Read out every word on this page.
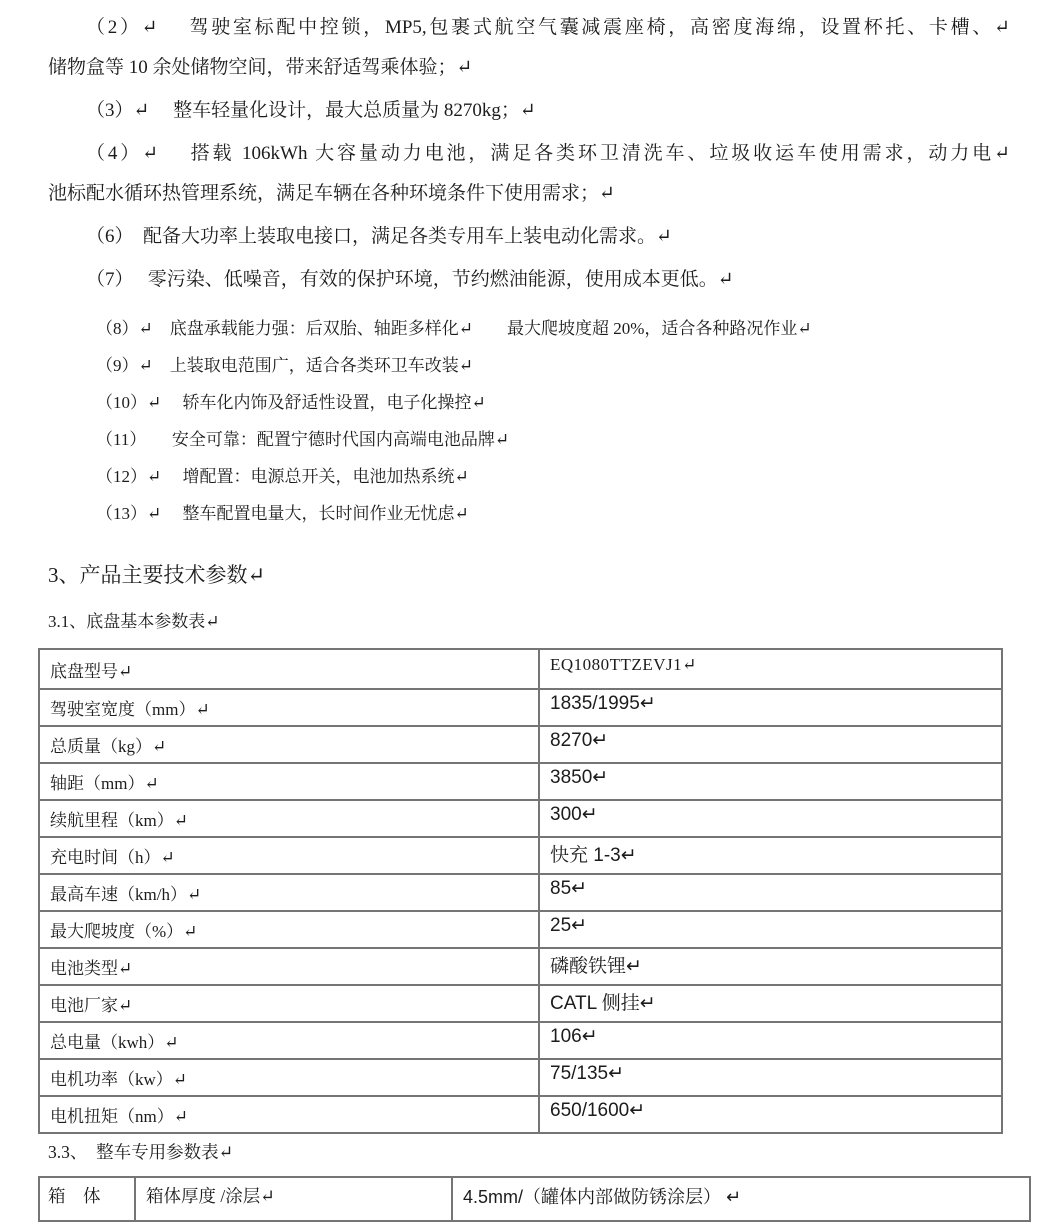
（2）↵　 驾驶室标配中控锁，MP5,包裹式航空气囊减震座椅，高密度海绵，设置杯托、卡槽、↵
储物盒等 10 余处储物空间，带来舒适驾乘体验；↵
（3）↵　 整车轻量化设计，最大总质量为 8270kg；↵
（4）↵　 搭载 106kWh 大容量动力电池，满足各类环卫清洗车、垃圾收运车使用需求，动力电↵
池标配水循环热管理系统，满足车辆在各种环境条件下使用需求；↵
（6）　配备大功率上装取电接口，满足各类专用车上装电动化需求。↵
（7）　 零污染、低噪音，有效的保护环境，节约燃油能源，使用成本更低。↵
（8）↵　底盘承载能力强：后双胎、轴距多样化↵　　最大爬坡度超 20%，适合各种路况作业↵
（9）↵　上装取电范围广，适合各类环卫车改装↵
（10）↵　 轿车化内饰及舒适性设置，电子化操控↵
（11）　　安全可靠：配置宁德时代国内高端电池品牌↵
（12）↵　 增配置：电源总开关，电池加热系统↵
（13）↵　 整车配置电量大，长时间作业无忧虑↵
3、产品主要技术参数↵
3.1、底盘基本参数表↵
底盘型号↵	EQ1080TTZEVJ1↵
驾驶室宽度（mm）↵	1835/1995↵
总质量（kg）↵	8270↵
轴距（mm）↵	3850↵
续航里程（km）↵	300↵
充电时间（h）↵	快充 1-3↵
最高车速（km/h）↵	85↵
最大爬坡度（%）↵	25↵
电池类型↵	磷酸铁锂↵
电池厂家↵	CATL 侧挂↵
总电量（kwh）↵	106↵
电机功率（kw）↵	75/135↵
电机扭矩（nm）↵	650/1600↵
3.3、　整车专用参数表↵
箱　体	箱体厚度 /涂层↵	4.5mm/（罐体内部做防锈涂层） ↵
